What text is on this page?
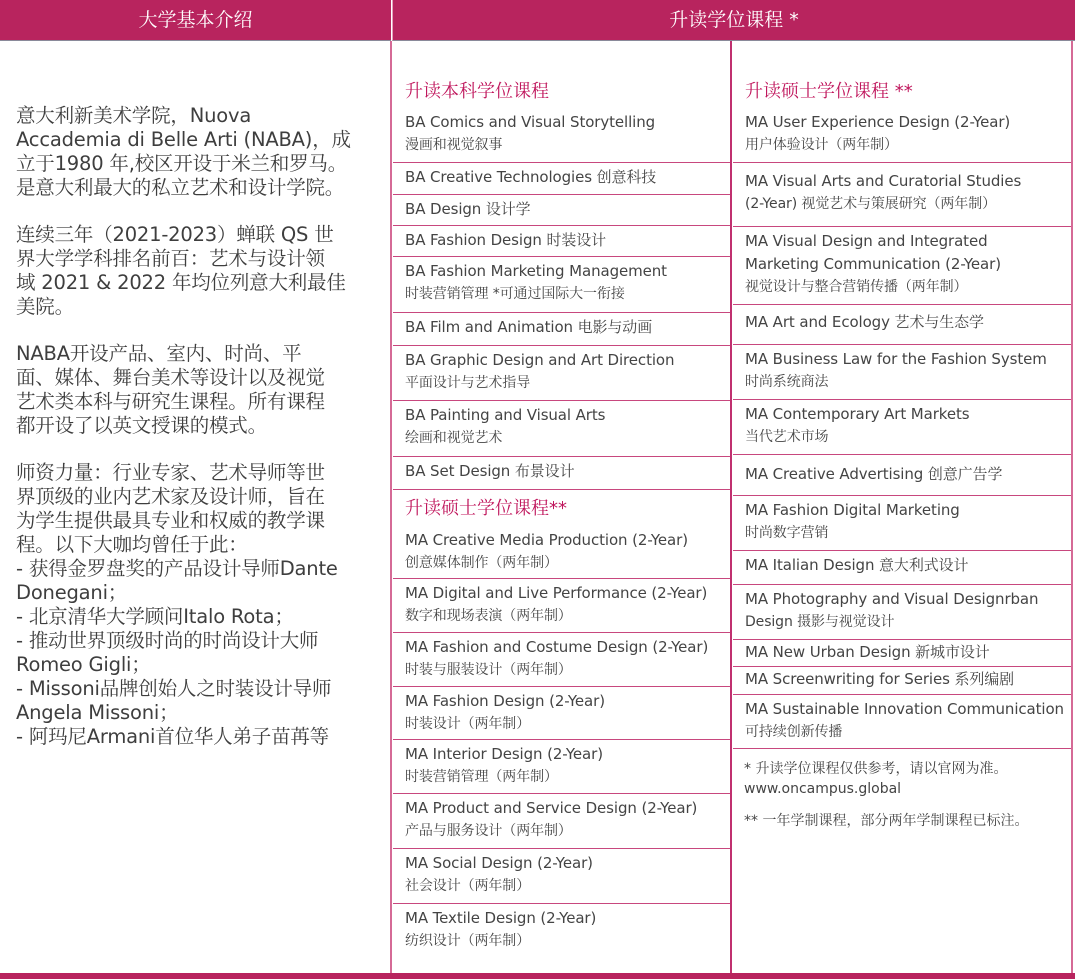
大学基本介绍	升读学位课程 *

意大利新美术学院，Nuova
Accademia di Belle Arti (NABA)，成
立于1980 年,校区开设于米兰和罗马。
是意大利最大的私立艺术和设计学院。

连续三年（2021-2023）蝉联 QS 世
界大学学科排名前百：艺术与设计领
域 2021 & 2022 年均位列意大利最佳
美院。

NABA开设产品、室内、时尚、平
面、媒体、舞台美术等设计以及视觉
艺术类本科与研究生课程。所有课程
都开设了以英文授课的模式。

师资力量：行业专家、艺术导师等世
界顶级的业内艺术家及设计师，旨在
为学生提供最具专业和权威的教学课
程。以下大咖均曾任于此：
- 获得金罗盘奖的产品设计导师Dante
Donegani；
- 北京清华大学顾问Italo Rota；
- 推动世界顶级时尚的时尚设计大师
Romeo Gigli；
- Missoni品牌创始人之时装设计导师
Angela Missoni；
- 阿玛尼Armani首位华人弟子苗苒等

升读本科学位课程
BA Comics and Visual Storytelling
漫画和视觉叙事
BA Creative Technologies 创意科技
BA Design 设计学
BA Fashion Design 时装设计
BA Fashion Marketing Management
时装营销管理 *可通过国际大一衔接
BA Film and Animation 电影与动画
BA Graphic Design and Art Direction
平面设计与艺术指导
BA Painting and Visual Arts
绘画和视觉艺术
BA Set Design 布景设计
升读硕士学位课程**
MA Creative Media Production (2-Year)
创意媒体制作（两年制）
MA Digital and Live Performance (2-Year)
数字和现场表演（两年制）
MA Fashion and Costume Design (2-Year)
时装与服装设计（两年制）
MA Fashion Design (2-Year)
时装设计（两年制）
MA Interior Design (2-Year)
时装营销管理（两年制）
MA Product and Service Design (2-Year)
产品与服务设计（两年制）
MA Social Design (2-Year)
社会设计（两年制）
MA Textile Design (2-Year)
纺织设计（两年制）
升读硕士学位课程 **
MA User Experience Design (2-Year)
用户体验设计（两年制）
MA Visual Arts and Curatorial Studies
(2-Year) 视觉艺术与策展研究（两年制）
MA Visual Design and Integrated
Marketing Communication (2-Year)
视觉设计与整合营销传播（两年制）
MA Art and Ecology 艺术与生态学
MA Business Law for the Fashion System
时尚系统商法
MA Contemporary Art Markets
当代艺术市场
MA Creative Advertising 创意广告学
MA Fashion Digital Marketing
时尚数字营销
MA Italian Design 意大利式设计
MA Photography and Visual Designrban
Design 摄影与视觉设计
MA New Urban Design 新城市设计
MA Screenwriting for Series 系列编剧
MA Sustainable Innovation Communication
可持续创新传播

* 升读学位课程仅供参考，请以官网为准。
www.oncampus.global

** 一年学制课程，部分两年学制课程已标注。
